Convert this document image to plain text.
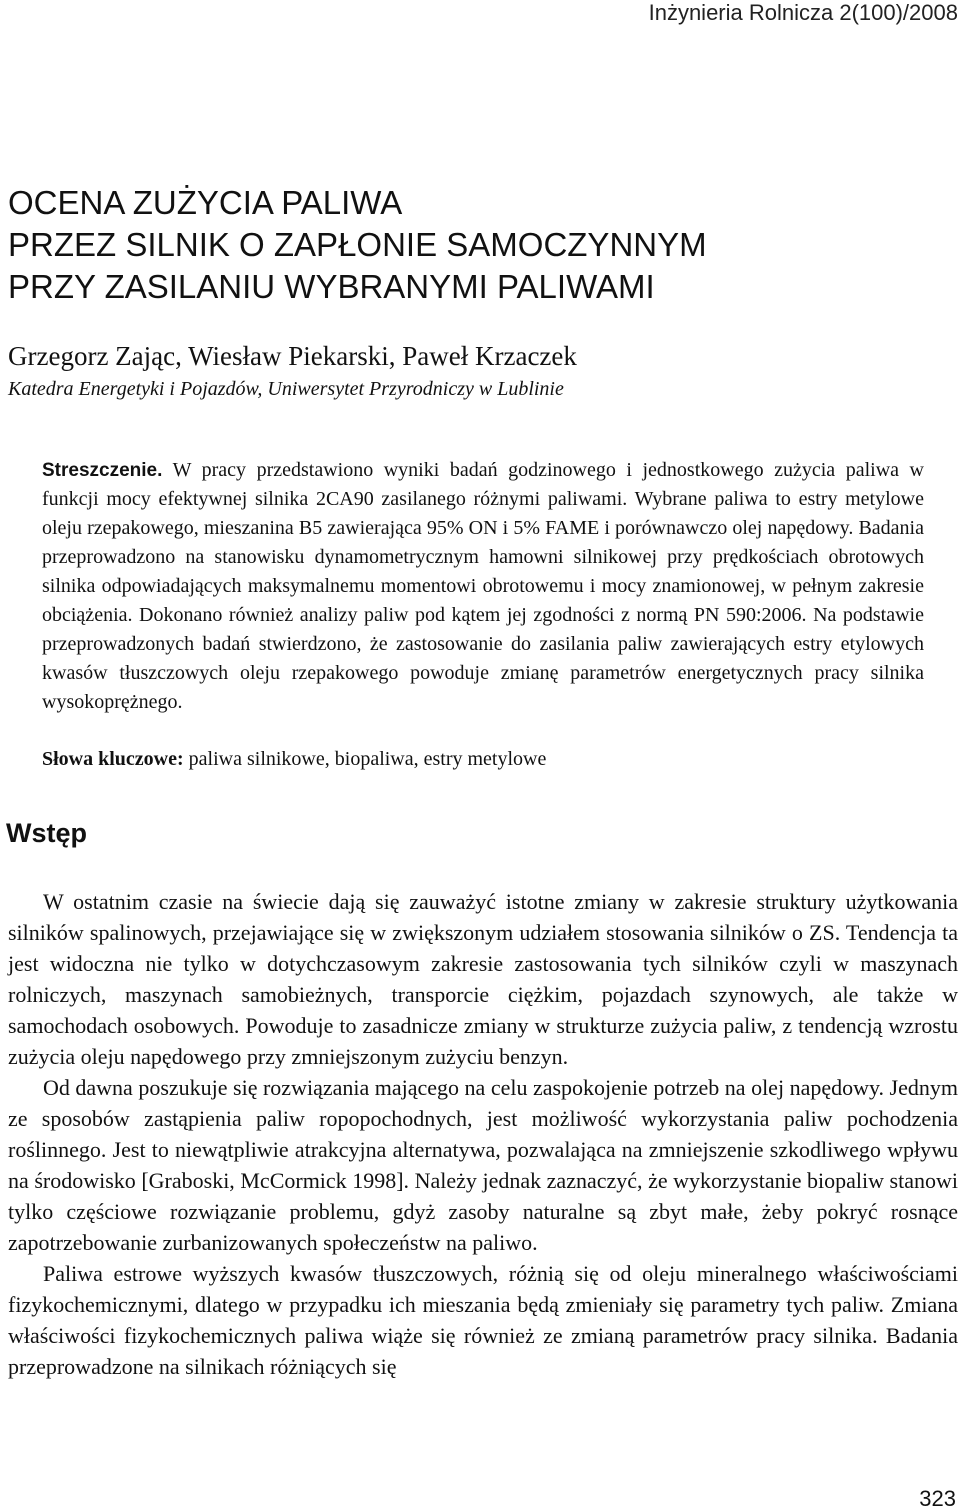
Inżynieria Rolnicza 2(100)/2008
OCENA ZUŻYCIA PALIWA
PRZEZ SILNIK O ZAPŁONIE SAMOCZYNNYM
PRZY ZASILANIU WYBRANYMI PALIWAMI
Grzegorz Zając, Wiesław Piekarski, Paweł Krzaczek
Katedra Energetyki i Pojazdów, Uniwersytet Przyrodniczy w Lublinie

Streszczenie. W pracy przedstawiono wyniki badań godzinowego i jednostkowego zużycia paliwa w funkcji mocy efektywnej silnika 2CA90 zasilanego różnymi paliwami. Wybrane paliwa to estry metylowe oleju rzepakowego, mieszanina B5 zawierająca 95% ON i 5% FAME i porównawczo olej napędowy. Badania przeprowadzono na stanowisku dynamometrycznym hamowni silnikowej przy prędkościach obrotowych silnika odpowiadających maksymalnemu momentowi obrotowemu i mocy znamionowej, w pełnym zakresie obciążenia. Dokonano również analizy paliw pod kątem jej zgodności z normą PN 590:2006. Na podstawie przeprowadzonych badań stwierdzono, że zastosowanie do zasilania paliw zawierających estry etylowych kwasów tłuszczowych oleju rzepakowego powoduje zmianę parametrów energetycznych pracy silnika wysokoprężnego.

Słowa kluczowe: paliwa silnikowe, biopaliwa, estry metylowe

Wstęp

W ostatnim czasie na świecie dają się zauważyć istotne zmiany w zakresie struktury użytkowania silników spalinowych, przejawiające się w zwiększonym udziałem stosowania silników o ZS. Tendencja ta jest widoczna nie tylko w dotychczasowym zakresie zastosowania tych silników czyli w maszynach rolniczych, maszynach samobieżnych, transporcie ciężkim, pojazdach szynowych, ale także w samochodach osobowych. Powoduje to zasadnicze zmiany w strukturze zużycia paliw, z tendencją wzrostu zużycia oleju napędowego przy zmniejszonym zużyciu benzyn.

Od dawna poszukuje się rozwiązania mającego na celu zaspokojenie potrzeb na olej napędowy. Jednym ze sposobów zastąpienia paliw ropopochodnych, jest możliwość wykorzystania paliw pochodzenia roślinnego. Jest to niewątpliwie atrakcyjna alternatywa, pozwalająca na zmniejszenie szkodliwego wpływu na środowisko [Graboski, McCormick 1998]. Należy jednak zaznaczyć, że wykorzystanie biopaliw stanowi tylko częściowe rozwiązanie problemu, gdyż zasoby naturalne są zbyt małe, żeby pokryć rosnące zapotrzebowanie zurbanizowanych społeczeństw na paliwo.

Paliwa estrowe wyższych kwasów tłuszczowych, różnią się od oleju mineralnego właściwościami fizykochemicznymi, dlatego w przypadku ich mieszania będą zmieniały się parametry tych paliw. Zmiana właściwości fizykochemicznych paliwa wiąże się również ze zmianą parametrów pracy silnika. Badania przeprowadzone na silnikach różniących się

323
